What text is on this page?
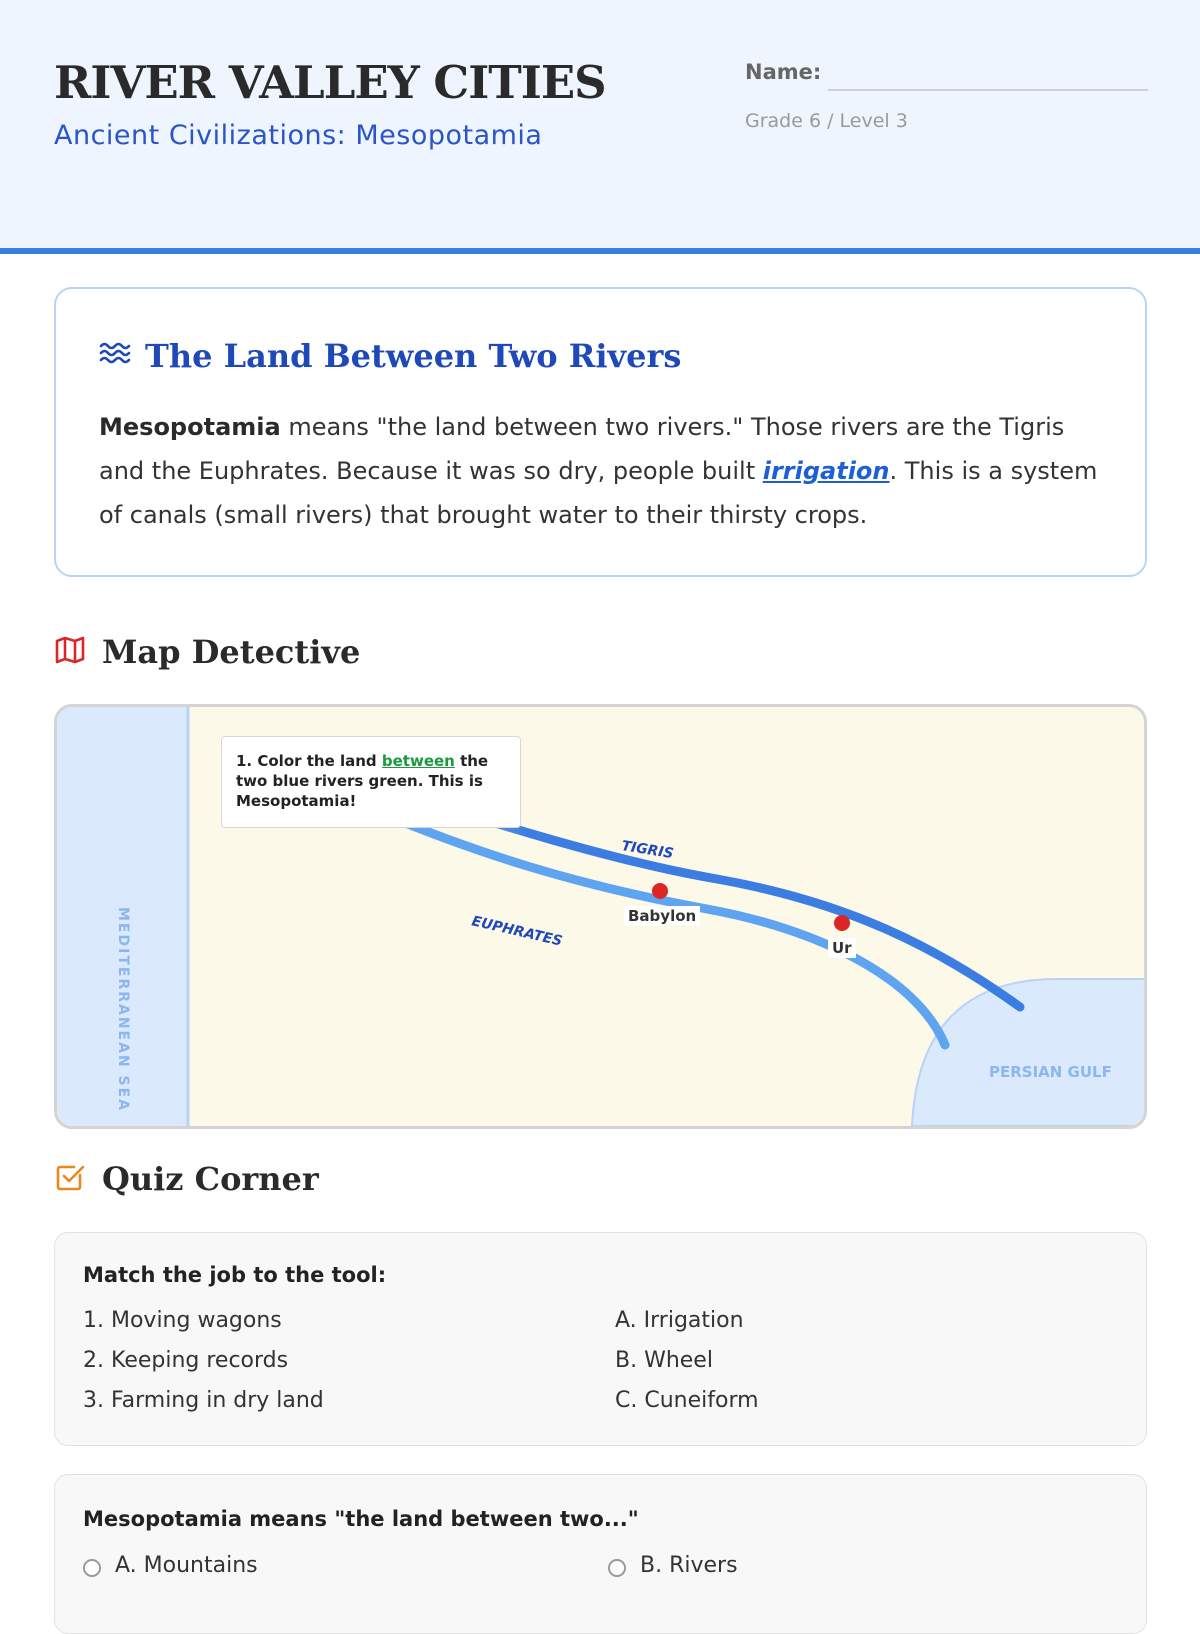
RIVER VALLEY CITIES
Ancient Civilizations: Mesopotamia
Name:
Grade 6 / Level 3
The Land Between Two Rivers

Mesopotamia means "the land between two rivers." Those rivers are the Tigris and the Euphrates. Because it was so dry, people built irrigation. This is a system of canals (small rivers) that brought water to their thirsty crops.

Map Detective
MEDITERRANEAN SEA	PERSIAN GULF
TIGRIS
EUPHRATES
1. Color the land between the two blue rivers green. This is Mesopotamia!
Babylon
Ur
Quiz Corner
Match the job to the tool:
1. Moving wagons
2. Keeping records
3. Farming in dry land
A. Irrigation
B. Wheel
C. Cuneiform
Mesopotamia means "the land between two..."
A. Mountains	B. Rivers
